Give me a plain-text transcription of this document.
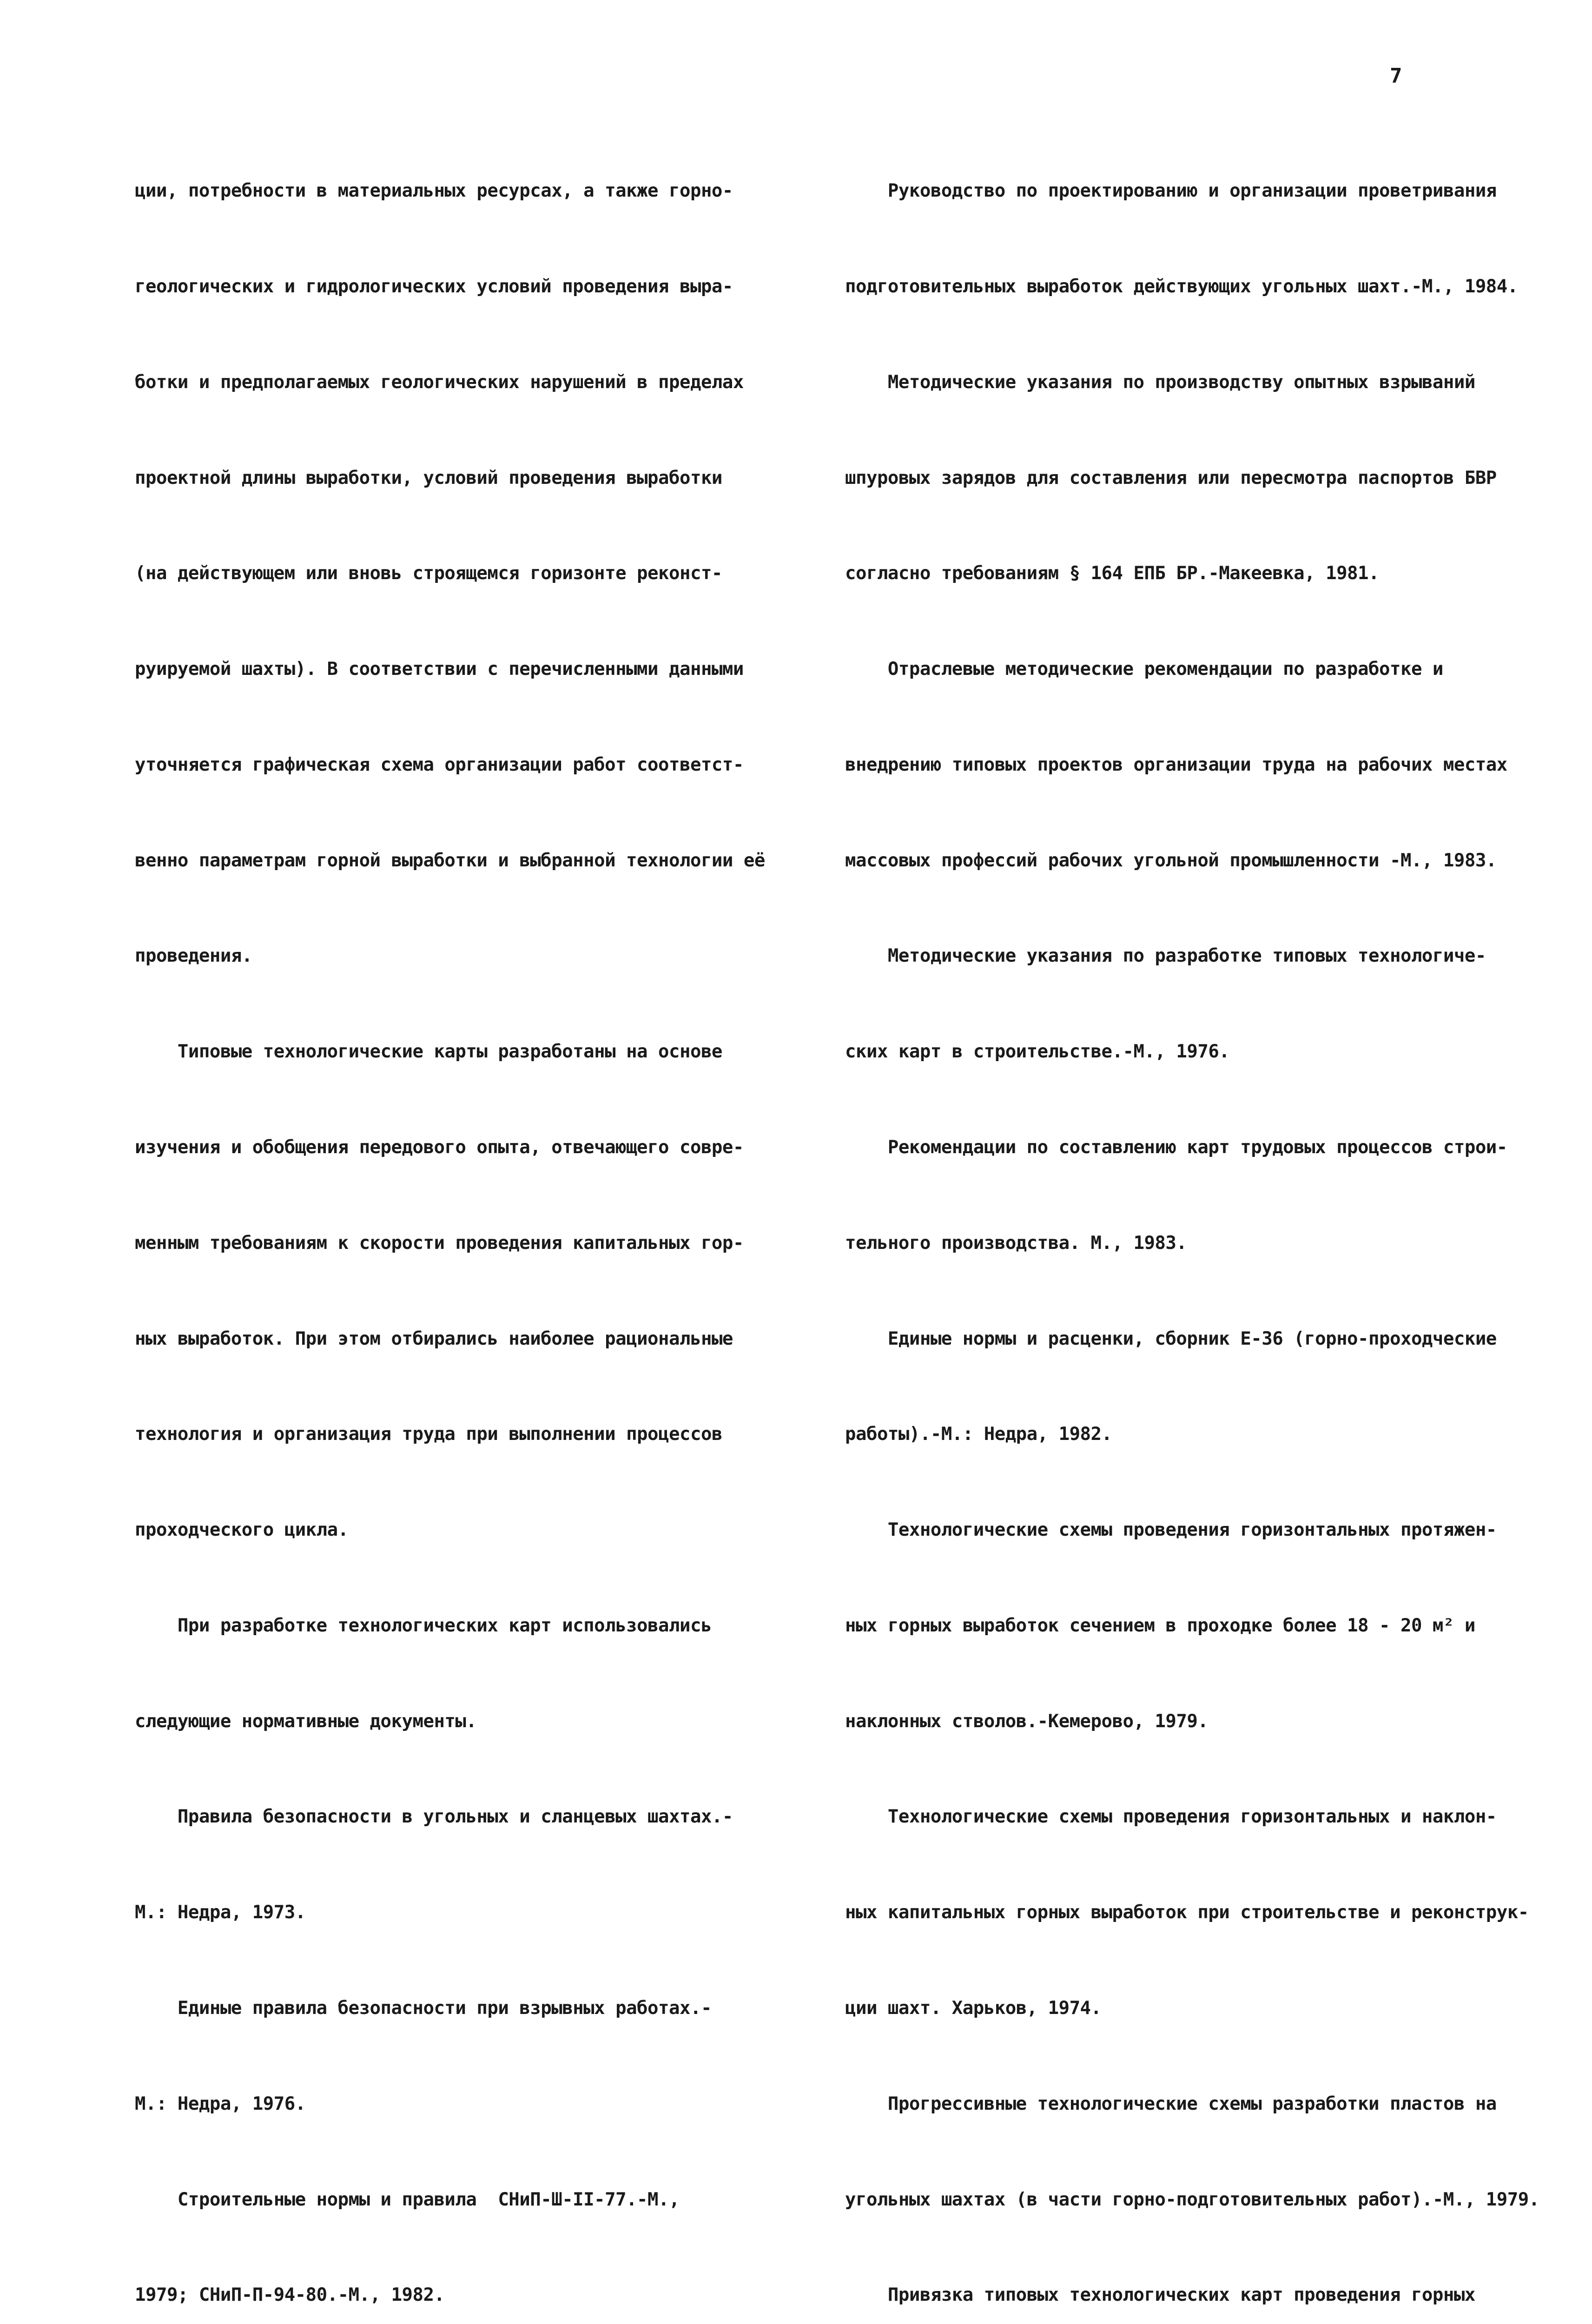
7

ции, потребности в материальных ресурсах, а также горно-

геологических и гидрологических условий проведения выра-

ботки и предполагаемых геологических нарушений в пределах

проектной длины выработки, условий проведения выработки

(на действующем или вновь строящемся горизонте реконст-

руируемой шахты). В соответствии с перечисленными данными

уточняется графическая схема организации работ соответст-

венно параметрам горной выработки и выбранной технологии её

проведения.

Типовые технологические карты разработаны на основе

изучения и обобщения передового опыта, отвечающего совре-

менным требованиям к скорости проведения капитальных гор-

ных выработок. При этом отбирались наиболее рациональные

технология и организация труда при выполнении процессов

проходческого цикла.

При разработке технологических карт использовались

следующие нормативные документы.

Правила безопасности в угольных и сланцевых шахтах.-

М.: Недра, 1973.

Единые правила безопасности при взрывных работах.-

М.: Недра, 1976.

Строительные нормы и правила  СНиП-Ш-II-77.-М.,

1979; СНиП-П-94-80.-М., 1982.

Руководство по проектированию и организации проветривания

подготовительных выработок действующих угольных шахт.-М., 1984.

Методические указания по производству опытных взрываний

шпуровых зарядов для составления или пересмотра паспортов БВР

согласно требованиям § 164 ЕПБ БР.-Макеевка, 1981.

Отраслевые методические рекомендации по разработке и

внедрению типовых проектов организации труда на рабочих местах

массовых профессий рабочих угольной промышленности -М., 1983.

Методические указания по разработке типовых технологиче-

ских карт в строительстве.-М., 1976.

Рекомендации по составлению карт трудовых процессов строи-

тельного производства. М., 1983.

Единые нормы и расценки, сборник Е-36 (горно-проходческие

работы).-М.: Недра, 1982.

Технологические схемы проведения горизонтальных протяжен-

ных горных выработок сечением в проходке более 18 - 20 м² и

наклонных стволов.-Кемерово, 1979.

Технологические схемы проведения горизонтальных и наклон-

ных капитальных горных выработок при строительстве и реконструк-

ции шахт. Харьков, 1974.

Прогрессивные технологические схемы разработки пластов на

угольных шахтах (в части горно-подготовительных работ).-М., 1979.

Привязка типовых технологических карт проведения горных
